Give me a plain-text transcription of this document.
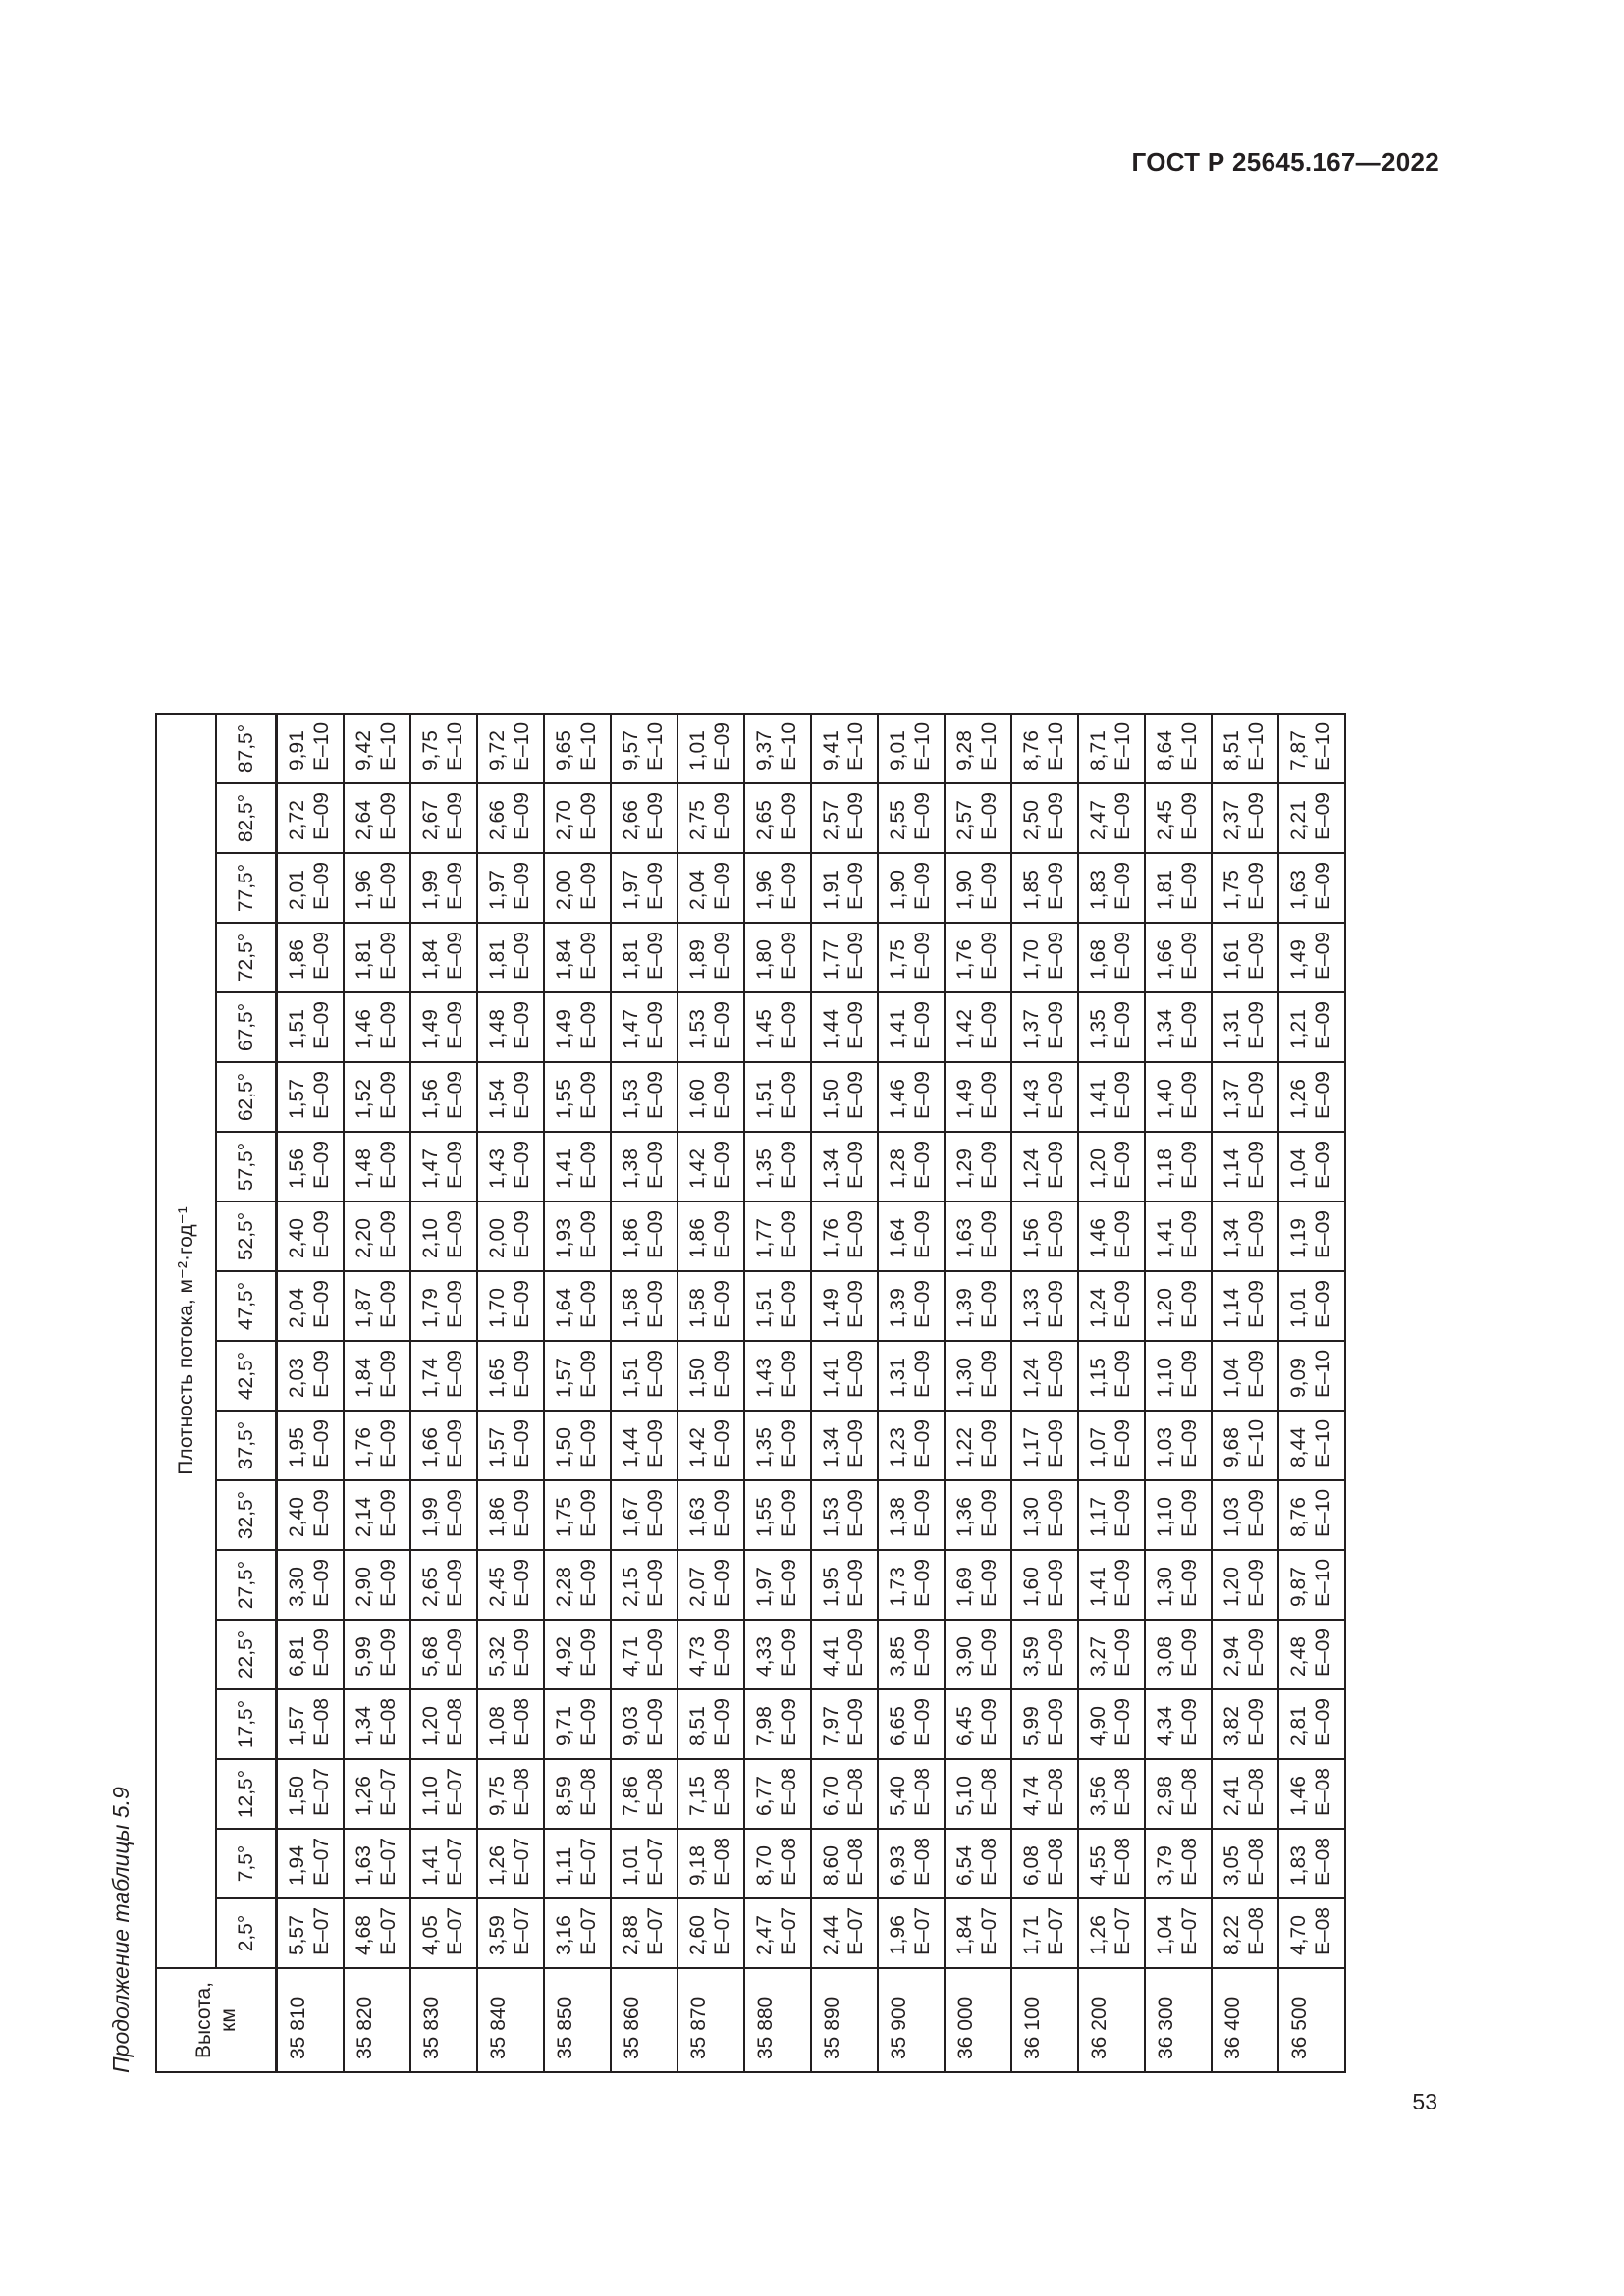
ГОСТ Р 25645.167—2022
Продолжение таблицы 5.9	Высота, км	Плотность потока, м⁻²·год⁻¹																	
	2,5°	7,5°	12,5°	17,5°	22,5°	27,5°	32,5°	37,5°	42,5°	47,5°	52,5°	57,5°	62,5°	67,5°	72,5°	77,5°	82,5°	87,5°
35 810	5,57 E–07	1,94 E–07	1,50 E–07	1,57 E–08	6,81 E–09	3,30 E–09	2,40 E–09	1,95 E–09	2,03 E–09	2,04 E–09	2,40 E–09	1,56 E–09	1,57 E–09	1,51 E–09	1,86 E–09	2,01 E–09	2,72 E–09	9,91 E–10

35 820	4,68 E–07	1,63 E–07	1,26 E–07	1,34 E–08	5,99 E–09	2,90 E–09	2,14 E–09	1,76 E–09	1,84 E–09	1,87 E–09	2,20 E–09	1,48 E–09	1,52 E–09	1,46 E–09	1,81 E–09	1,96 E–09	2,64 E–09	9,42 E–10

35 830	4,05 E–07	1,41 E–07	1,10 E–07	1,20 E–08	5,68 E–09	2,65 E–09	1,99 E–09	1,66 E–09	1,74 E–09	1,79 E–09	2,10 E–09	1,47 E–09	1,56 E–09	1,49 E–09	1,84 E–09	1,99 E–09	2,67 E–09	9,75 E–10

35 840	3,59 E–07	1,26 E–07	9,75 E–08	1,08 E–08	5,32 E–09	2,45 E–09	1,86 E–09	1,57 E–09	1,65 E–09	1,70 E–09	2,00 E–09	1,43 E–09	1,54 E–09	1,48 E–09	1,81 E–09	1,97 E–09	2,66 E–09	9,72 E–10

35 850	3,16 E–07	1,11 E–07	8,59 E–08	9,71 E–09	4,92 E–09	2,28 E–09	1,75 E–09	1,50 E–09	1,57 E–09	1,64 E–09	1,93 E–09	1,41 E–09	1,55 E–09	1,49 E–09	1,84 E–09	2,00 E–09	2,70 E–09	9,65 E–10

35 860	2,88 E–07	1,01 E–07	7,86 E–08	9,03 E–09	4,71 E–09	2,15 E–09	1,67 E–09	1,44 E–09	1,51 E–09	1,58 E–09	1,86 E–09	1,38 E–09	1,53 E–09	1,47 E–09	1,81 E–09	1,97 E–09	2,66 E–09	9,57 E–10

35 870	2,60 E–07	9,18 E–08	7,15 E–08	8,51 E–09	4,73 E–09	2,07 E–09	1,63 E–09	1,42 E–09	1,50 E–09	1,58 E–09	1,86 E–09	1,42 E–09	1,60 E–09	1,53 E–09	1,89 E–09	2,04 E–09	2,75 E–09	1,01 E–09

35 880	2,47 E–07	8,70 E–08	6,77 E–08	7,98 E–09	4,33 E–09	1,97 E–09	1,55 E–09	1,35 E–09	1,43 E–09	1,51 E–09	1,77 E–09	1,35 E–09	1,51 E–09	1,45 E–09	1,80 E–09	1,96 E–09	2,65 E–09	9,37 E–10

35 890	2,44 E–07	8,60 E–08	6,70 E–08	7,97 E–09	4,41 E–09	1,95 E–09	1,53 E–09	1,34 E–09	1,41 E–09	1,49 E–09	1,76 E–09	1,34 E–09	1,50 E–09	1,44 E–09	1,77 E–09	1,91 E–09	2,57 E–09	9,41 E–10

35 900	1,96 E–07	6,93 E–08	5,40 E–08	6,65 E–09	3,85 E–09	1,73 E–09	1,38 E–09	1,23 E–09	1,31 E–09	1,39 E–09	1,64 E–09	1,28 E–09	1,46 E–09	1,41 E–09	1,75 E–09	1,90 E–09	2,55 E–09	9,01 E–10

36 000	1,84 E–07	6,54 E–08	5,10 E–08	6,45 E–09	3,90 E–09	1,69 E–09	1,36 E–09	1,22 E–09	1,30 E–09	1,39 E–09	1,63 E–09	1,29 E–09	1,49 E–09	1,42 E–09	1,76 E–09	1,90 E–09	2,57 E–09	9,28 E–10

36 100	1,71 E–07	6,08 E–08	4,74 E–08	5,99 E–09	3,59 E–09	1,60 E–09	1,30 E–09	1,17 E–09	1,24 E–09	1,33 E–09	1,56 E–09	1,24 E–09	1,43 E–09	1,37 E–09	1,70 E–09	1,85 E–09	2,50 E–09	8,76 E–10

36 200	1,26 E–07	4,55 E–08	3,56 E–08	4,90 E–09	3,27 E–09	1,41 E–09	1,17 E–09	1,07 E–09	1,15 E–09	1,24 E–09	1,46 E–09	1,20 E–09	1,41 E–09	1,35 E–09	1,68 E–09	1,83 E–09	2,47 E–09	8,71 E–10

36 300	1,04 E–07	3,79 E–08	2,98 E–08	4,34 E–09	3,08 E–09	1,30 E–09	1,10 E–09	1,03 E–09	1,10 E–09	1,20 E–09	1,41 E–09	1,18 E–09	1,40 E–09	1,34 E–09	1,66 E–09	1,81 E–09	2,45 E–09	8,64 E–10

36 400	8,22 E–08	3,05 E–08	2,41 E–08	3,82 E–09	2,94 E–09	1,20 E–09	1,03 E–09	9,68 E–10	1,04 E–09	1,14 E–09	1,34 E–09	1,14 E–09	1,37 E–09	1,31 E–09	1,61 E–09	1,75 E–09	2,37 E–09	8,51 E–10

36 500	4,70 E–08	1,83 E–08	1,46 E–08	2,81 E–09	2,48 E–09	9,87 E–10	8,76 E–10	8,44 E–10	9,09 E–10	1,01 E–09	1,19 E–09	1,04 E–09	1,26 E–09	1,21 E–09	1,49 E–09	1,63 E–09	2,21 E–09	7,87 E–10
53
